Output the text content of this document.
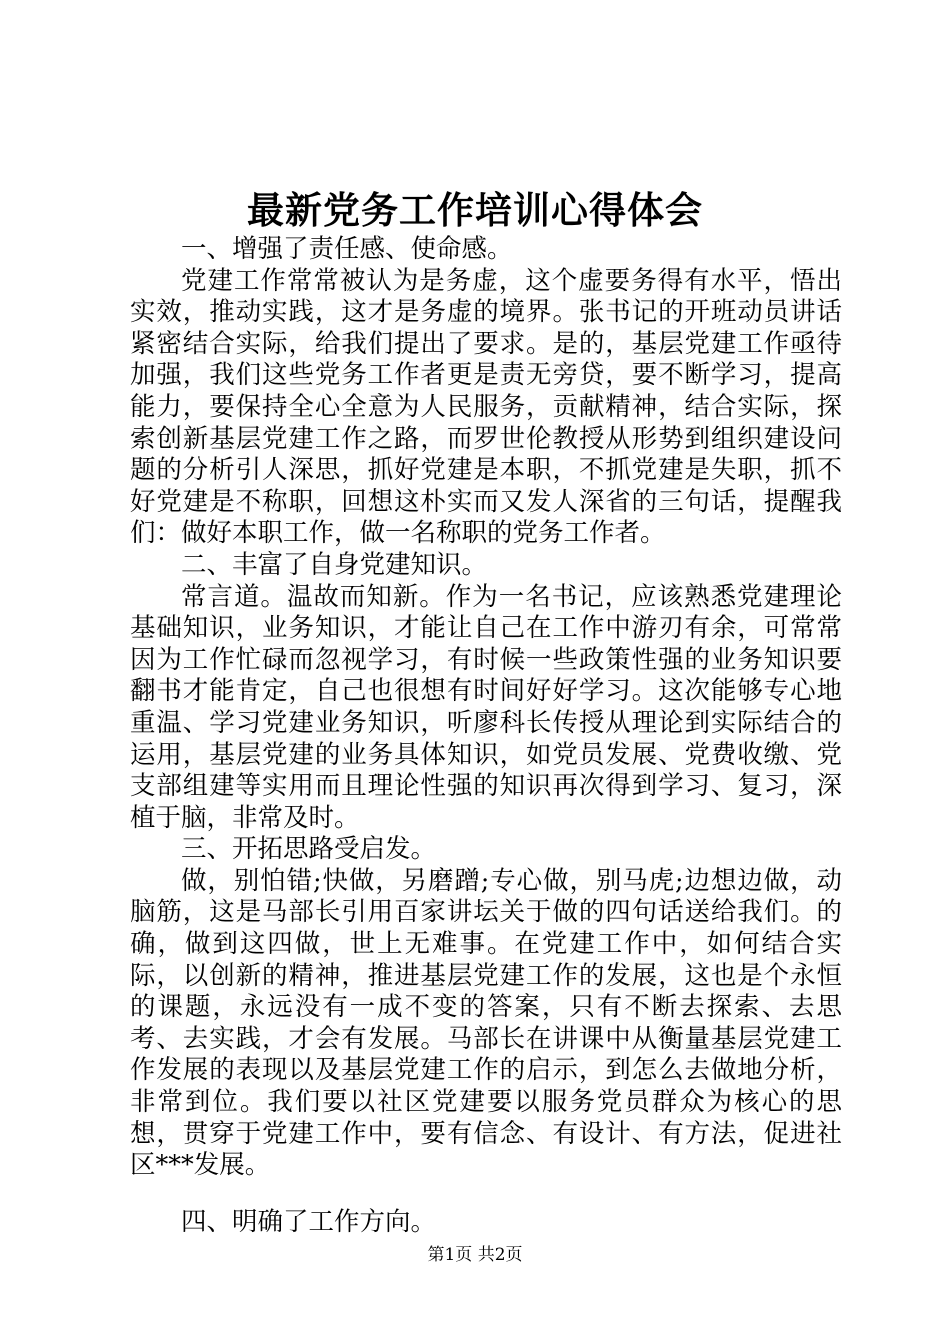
最新党务工作培训心得体会

一、增强了责任感、使命感。

党建工作常常被认为是务虚，这个虚要务得有水平，悟出实效，推动实践，这才是务虚的境界。张书记的开班动员讲话紧密结合实际，给我们提出了要求。是的，基层党建工作亟待加强，我们这些党务工作者更是责无旁贷，要不断学习，提高能力，要保持全心全意为人民服务，贡献精神，结合实际，探索创新基层党建工作之路，而罗世伦教授从形势到组织建设问题的分析引人深思，抓好党建是本职，不抓党建是失职，抓不好党建是不称职，回想这朴实而又发人深省的三句话，提醒我们：做好本职工作，做一名称职的党务工作者。

二、丰富了自身党建知识。

常言道。温故而知新。作为一名书记，应该熟悉党建理论基础知识，业务知识，才能让自己在工作中游刃有余，可常常因为工作忙碌而忽视学习，有时候一些政策性强的业务知识要翻书才能肯定，自己也很想有时间好好学习。这次能够专心地重温、学习党建业务知识，听廖科长传授从理论到实际结合的运用，基层党建的业务具体知识，如党员发展、党费收缴、党支部组建等实用而且理论性强的知识再次得到学习、复习，深植于脑，非常及时。

三、开拓思路受启发。

做，别怕错;快做，另磨蹭;专心做，别马虎;边想边做，动脑筋，这是马部长引用百家讲坛关于做的四句话送给我们。的确，做到这四做，世上无难事。在党建工作中，如何结合实际，以创新的精神，推进基层党建工作的发展，这也是个永恒的课题，永远没有一成不变的答案，只有不断去探索、去思考、去实践，才会有发展。马部长在讲课中从衡量基层党建工作发展的表现以及基层党建工作的启示，到怎么去做地分析，非常到位。我们要以社区党建要以服务党员群众为核心的思想，贯穿于党建工作中，要有信念、有设计、有方法，促进社区***发展。

四、明确了工作方向。

第1页 共2页
